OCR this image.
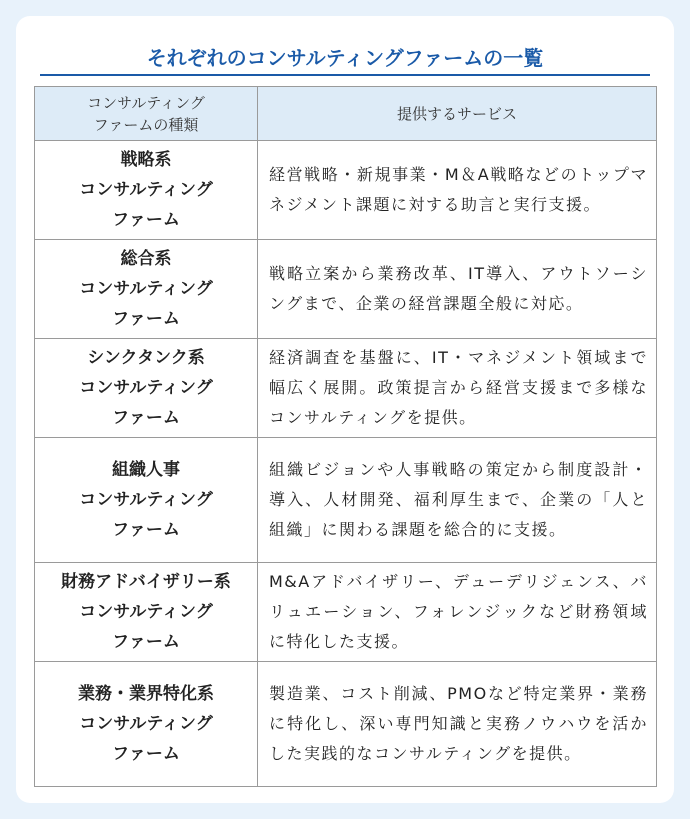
それぞれのコンサルティングファームの一覧
コンサルティング
ファームの種類	提供するサービス

戦略系
コンサルティング
ファーム	経営戦略・新規事業・M＆A戦略などのトップマネジメント課題に対する助言と実行支援。

総合系
コンサルティング
ファーム	戦略立案から業務改革、IT導入、アウトソーシングまで、企業の経営課題全般に対応。

シンクタンク系
コンサルティング
ファーム	経済調査を基盤に、IT・マネジメント領域まで幅広く展開。政策提言から経営支援まで多様なコンサルティングを提供。

組織人事
コンサルティング
ファーム	組織ビジョンや人事戦略の策定から制度設計・導入、人材開発、福利厚生まで、企業の「人と組織」に関わる課題を総合的に支援。

財務アドバイザリー系
コンサルティング
ファーム	M&Aアドバイザリー、デューデリジェンス、バリュエーション、フォレンジックなど財務領域に特化した支援。

業務・業界特化系
コンサルティング
ファーム	製造業、コスト削減、PMOなど特定業界・業務に特化し、深い専門知識と実務ノウハウを活かした実践的なコンサルティングを提供。
